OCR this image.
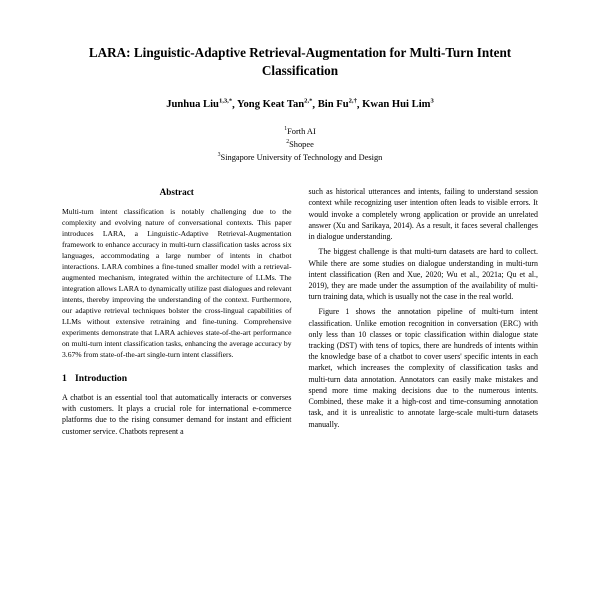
LARA: Linguistic-Adaptive Retrieval-Augmentation for Multi-Turn Intent Classification
Junhua Liu$^{1,3,*}$, Yong Keat Tan$^{2,*}$, Bin $Fu^{2,\dagger}$, Kwan Hui Lim$^3$
$^1$Forth AI
$^2$Shopee
$^3$Singapore University of Technology and Design
Abstract
Multi-turn intent classification is notably challenging due to the complexity and evolving nature of conversational contexts. This paper introduces LARA, a Linguistic-Adaptive Retrieval-Augmentation framework to enhance accuracy in multi-turn classification tasks across six languages, accommodating a large number of intents in chatbot interactions. LARA combines a fine-tuned smaller model with a retrieval-augmented mechanism, integrated within the architecture of LLMs. The integration allows LARA to dynamically utilize past dialogues and relevant intents, thereby improving the understanding of the context. Furthermore, our adaptive retrieval techniques bolster the cross-lingual capabilities of LLMs without extensive retraining and fine-tuning. Comprehensive experiments demonstrate that LARA achieves state-of-the-art performance on multi-turn intent classification tasks, enhancing the average accuracy by 3.67% from state-of-the-art single-turn intent classifiers.
1 Introduction

A chatbot is an essential tool that automatically interacts or converses with customers. It plays a crucial role for international e-commerce platforms due to the rising consumer demand for instant and efficient customer service. Chatbots represent a

such as historical utterances and intents, failing to understand session context while recognizing user intention often leads to visible errors. It would invoke a completely wrong application or provide an unrelated answer (Xu and Sarikaya, 2014). As a result, it faces several challenges in dialogue understanding.

The biggest challenge is that multi-turn datasets are hard to collect. While there are some studies on dialogue understanding in multi-turn intent classification (Ren and Xue, 2020; Wu et al., 2021a; Qu et al., 2019), they are made under the assumption of the availability of multi-turn training data, which is usually not the case in the real world.

Figure 1 shows the annotation pipeline of multi-turn intent classification. Unlike emotion recognition in conversation (ERC) with only less than 10 classes or topic classification within dialogue state tracking (DST) with tens of topics, there are hundreds of intents within the knowledge base of a chatbot to cover users' specific intents in each market, which increases the complexity of classification tasks and multi-turn data annotation. Annotators can easily make mistakes and spend more time making decisions due to the numerous intents. Combined, these make it a high-cost and time-consuming annotation task, and it is unrealistic to annotate large-scale multi-turn datasets manually.
